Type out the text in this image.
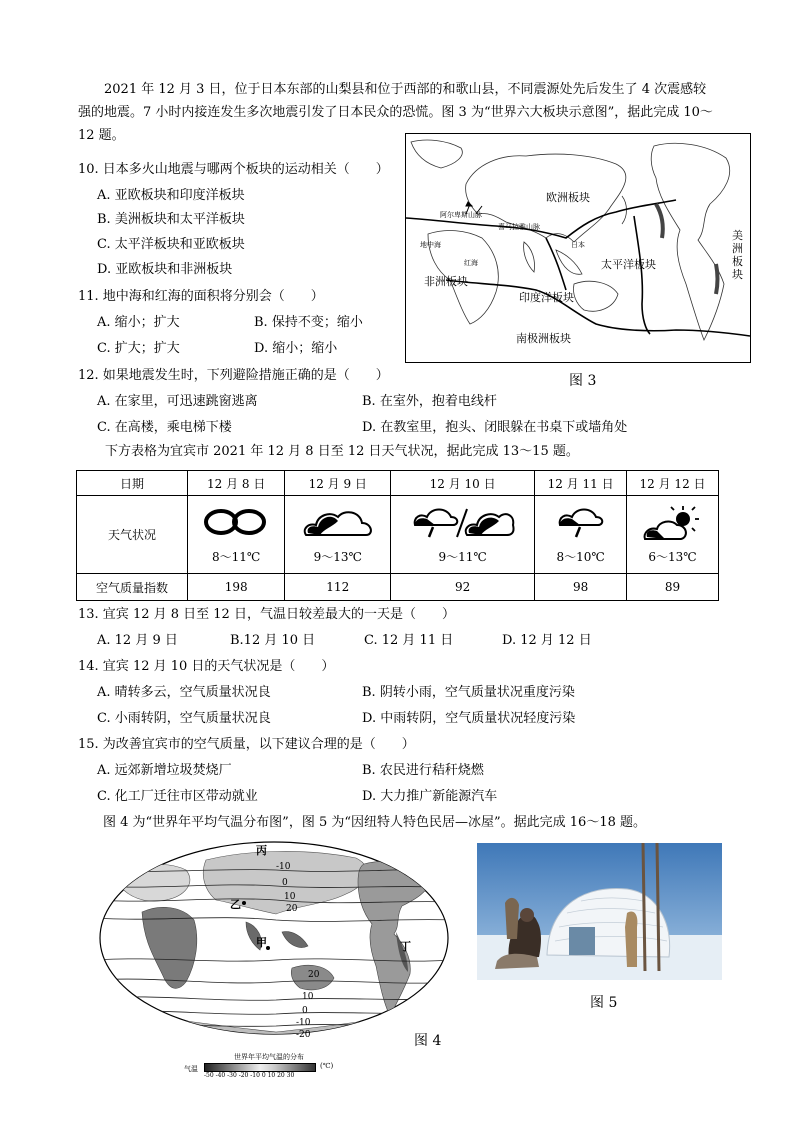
2021 年 12 月 3 日，位于日本东部的山梨县和位于西部的和歌山县，不同震源处先后发生了 4 次震感较强的地震。7 小时内接连发生多次地震引发了日本民众的恐慌。图 3 为“世界六大板块示意图”，据此完成 10～12 题。
10. 日本多火山地震与哪两个板块的运动相关（　　）
A. 亚欧板块和印度洋板块
B. 美洲板块和太平洋板块
C. 太平洋板块和亚欧板块
D. 亚欧板块和非洲板块
11. 地中海和红海的面积将分别会（　　）
A. 缩小；扩大	B. 保持不变；缩小
C. 扩大；扩大	D. 缩小；缩小
欧洲板块
太平洋板块
印度洋板块
非洲板块
南极洲板块
美
洲
板
块
阿尔卑斯山脉
喜马拉雅山脉
地中海
红海
日本
图 3
12. 如果地震发生时，下列避险措施正确的是（　　）
A. 在家里，可迅速跳窗逃离	B. 在室外，抱着电线杆
C. 在高楼，乘电梯下楼	D. 在教室里，抱头、闭眼躲在书桌下或墙角处
下方表格为宜宾市 2021 年 12 月 8 日至 12 日天气状况，据此完成 13～15 题。
日期	12 月 8 日	12 月 9 日	12 月 10 日	12 月 11 日	12 月 12 日
天气状况	8～11℃	9～13℃	9～11℃	8～10℃	6～13℃

空气质量指数	198	112	92	98	89
13. 宜宾 12 月 8 日至 12 日，气温日较差最大的一天是（　　）
A. 12 月 9 日	B.12 月 10 日	C. 12 月 11 日	D. 12 月 12 日
14. 宜宾 12 月 10 日的天气状况是（　　）
A. 晴转多云，空气质量状况良	B. 阴转小雨，空气质量状况重度污染
C. 小雨转阴，空气质量状况良	D. 中雨转阴，空气质量状况轻度污染
15. 为改善宜宾市的空气质量，以下建议合理的是（　　）
A. 远郊新增垃圾焚烧厂	B. 农民进行秸秆烧燃
C. 化工厂迁往市区带动就业	D. 大力推广新能源汽车
图 4 为“世界年平均气温分布图”，图 5 为“因纽特人特色民居—冰屋”。据此完成 16～18 题。
丙
乙
甲	丁
-10
0
10
20
20
10
0
-10
-20
世界年平均气温的分布
气温
-50 -40 -30 -20 -10 0 10 20 30
(℃)
图 4
图 5
